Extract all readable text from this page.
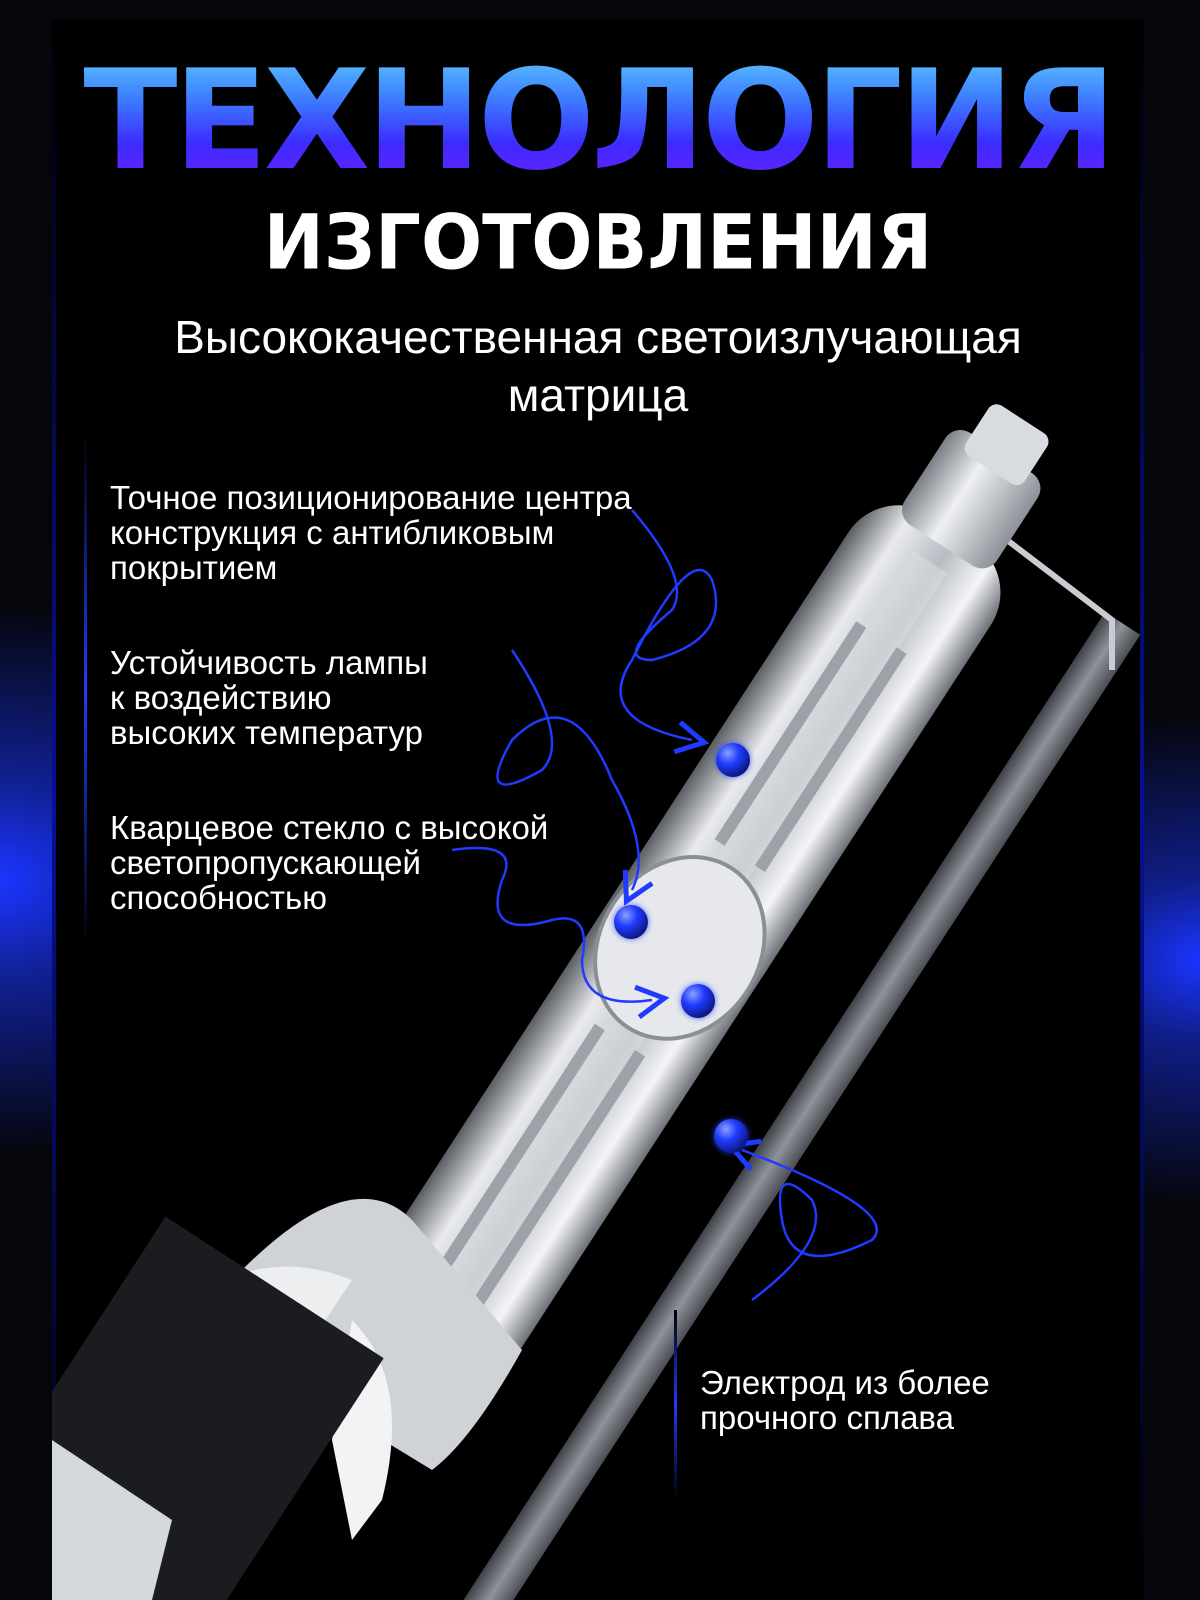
ТЕХНОЛОГИЯ
ИЗГОТОВЛЕНИЯ
Высококачественная светоизлучающая матрица
Точное позиционирование центра
конструкция с антибликовым
покрытием
Устойчивость лампы
к воздействию
высоких температур
Кварцевое стекло с высокой
светопропускающей
способностью
Электрод из более
прочного сплава
